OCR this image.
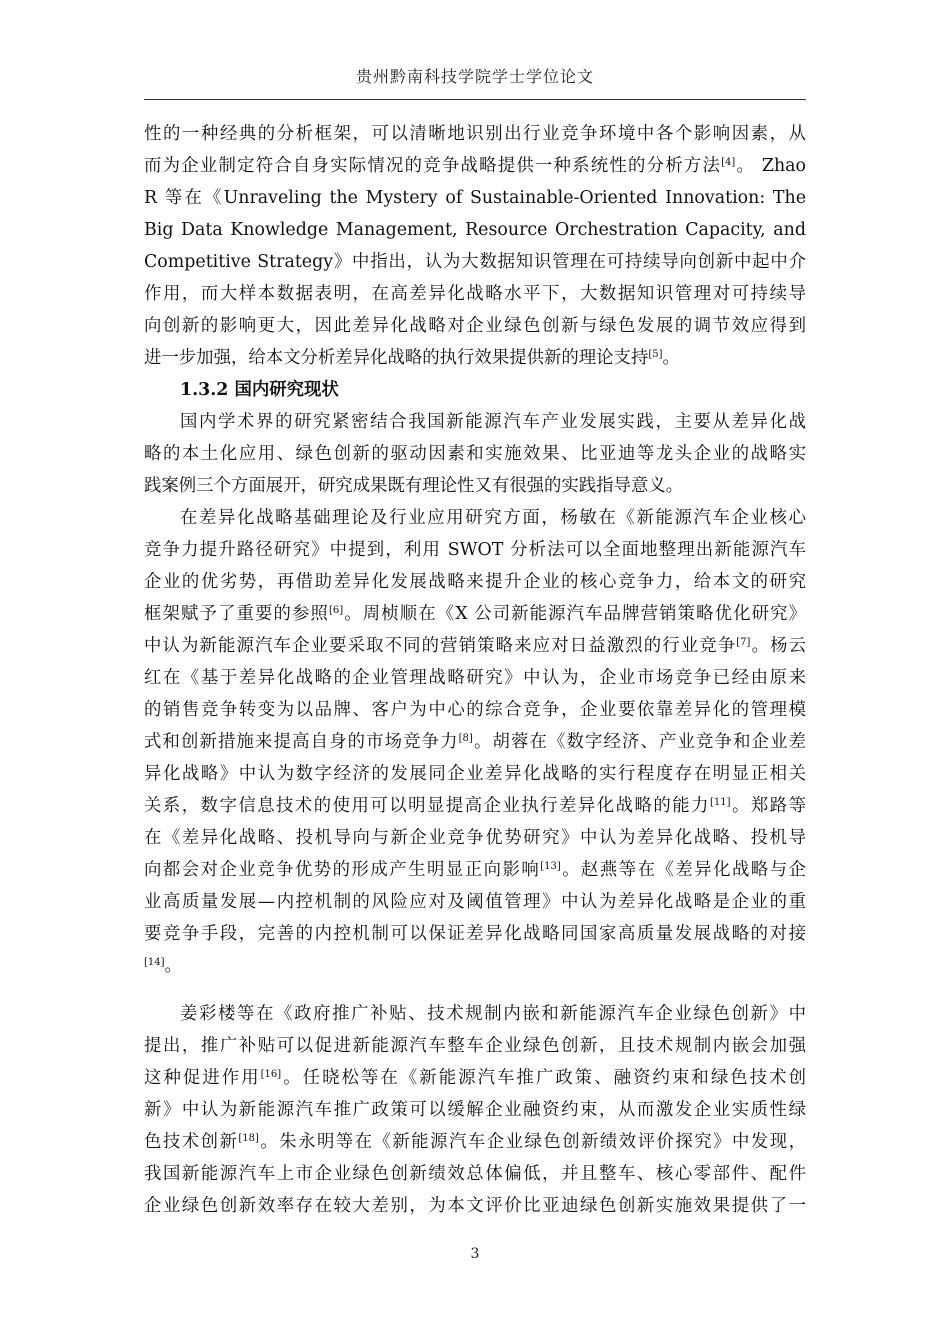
贵州黔南科技学院学士学位论文
性的一种经典的分析框架，可以清晰地识别出行业竞争环境中各个影响因素，从
而为企业制定符合自身实际情况的竞争战略提供一种系统性的分析方法[4]。 Zhao
R 等在《Unraveling the Mystery of Sustainable-Oriented Innovation: The
Big Data Knowledge Management, Resource Orchestration Capacity, and
Competitive Strategy》中指出，认为大数据知识管理在可持续导向创新中起中介
作用，而大样本数据表明，在高差异化战略水平下，大数据知识管理对可持续导
向创新的影响更大，因此差异化战略对企业绿色创新与绿色发展的调节效应得到
进一步加强，给本文分析差异化战略的执行效果提供新的理论支持[5]。
1.3.2 国内研究现状
国内学术界的研究紧密结合我国新能源汽车产业发展实践，主要从差异化战
略的本土化应用、绿色创新的驱动因素和实施效果、比亚迪等龙头企业的战略实
践案例三个方面展开，研究成果既有理论性又有很强的实践指导意义。
在差异化战略基础理论及行业应用研究方面，杨敏在《新能源汽车企业核心
竞争力提升路径研究》中提到，利用 SWOT 分析法可以全面地整理出新能源汽车
企业的优劣势，再借助差异化发展战略来提升企业的核心竞争力，给本文的研究
框架赋予了重要的参照[6]。周桢顺在《X 公司新能源汽车品牌营销策略优化研究》
中认为新能源汽车企业要采取不同的营销策略来应对日益激烈的行业竞争[7]。杨云
红在《基于差异化战略的企业管理战略研究》中认为，企业市场竞争已经由原来
的销售竞争转变为以品牌、客户为中心的综合竞争，企业要依靠差异化的管理模
式和创新措施来提高自身的市场竞争力[8]。胡蓉在《数字经济、产业竞争和企业差
异化战略》中认为数字经济的发展同企业差异化战略的实行程度存在明显正相关
关系，数字信息技术的使用可以明显提高企业执行差异化战略的能力[11]。郑路等
在《差异化战略、投机导向与新企业竞争优势研究》中认为差异化战略、投机导
向都会对企业竞争优势的形成产生明显正向影响[13]。赵燕等在《差异化战略与企
业高质量发展—内控机制的风险应对及阈值管理》中认为差异化战略是企业的重
要竞争手段，完善的内控机制可以保证差异化战略同国家高质量发展战略的对接
[14]。
姜彩楼等在《政府推广补贴、技术规制内嵌和新能源汽车企业绿色创新》中
提出，推广补贴可以促进新能源汽车整车企业绿色创新，且技术规制内嵌会加强
这种促进作用[16]。任晓松等在《新能源汽车推广政策、融资约束和绿色技术创
新》中认为新能源汽车推广政策可以缓解企业融资约束，从而激发企业实质性绿
色技术创新[18]。朱永明等在《新能源汽车企业绿色创新绩效评价探究》中发现，
我国新能源汽车上市企业绿色创新绩效总体偏低，并且整车、核心零部件、配件
企业绿色创新效率存在较大差别，为本文评价比亚迪绿色创新实施效果提供了一
3
